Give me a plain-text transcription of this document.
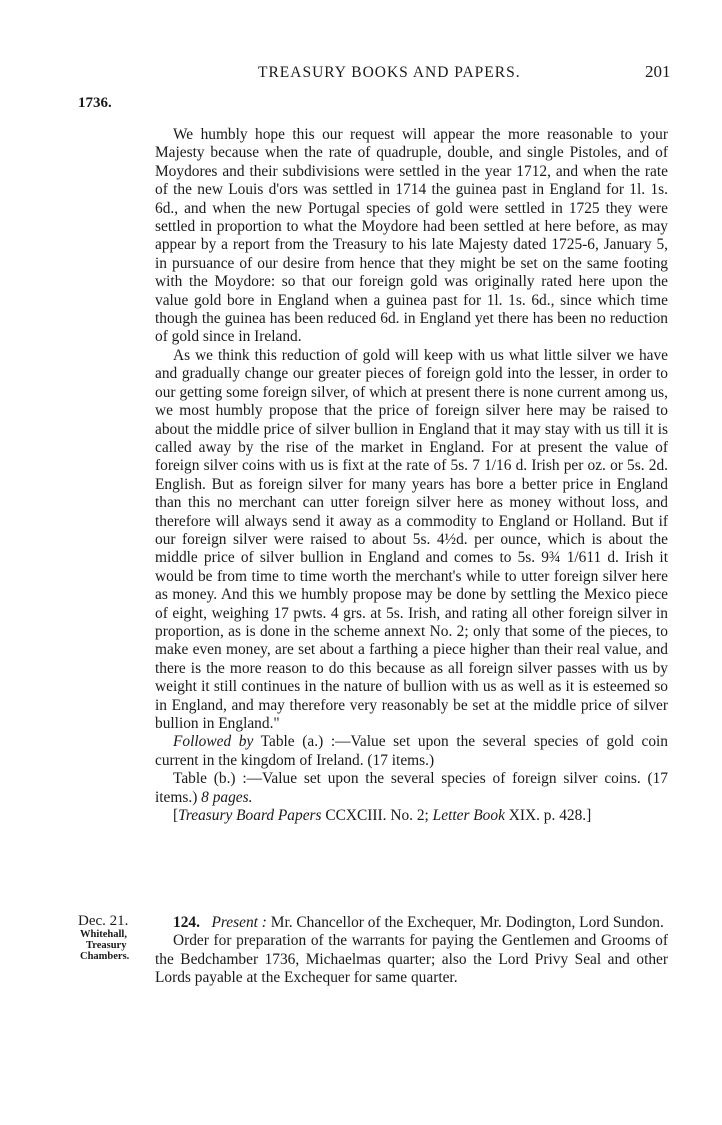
TREASURY BOOKS AND PAPERS.	201
1736.

We humbly hope this our request will appear the more reasonable to your Majesty because when the rate of quadruple, double, and single Pistoles, and of Moydores and their subdivisions were settled in the year 1712, and when the rate of the new Louis d'ors was settled in 1714 the guinea past in England for 1l. 1s. 6d., and when the new Portugal species of gold were settled in 1725 they were settled in proportion to what the Moydore had been settled at here before, as may appear by a report from the Treasury to his late Majesty dated 1725-6, January 5, in pursuance of our desire from hence that they might be set on the same footing with the Moydore: so that our foreign gold was originally rated here upon the value gold bore in England when a guinea past for 1l. 1s. 6d., since which time though the guinea has been reduced 6d. in England yet there has been no reduction of gold since in Ireland.

As we think this reduction of gold will keep with us what little silver we have and gradually change our greater pieces of foreign gold into the lesser, in order to our getting some foreign silver, of which at present there is none current among us, we most humbly propose that the price of foreign silver here may be raised to about the middle price of silver bullion in England that it may stay with us till it is called away by the rise of the market in England. For at present the value of foreign silver coins with us is fixt at the rate of 5s. 7 1/16 d. Irish per oz. or 5s. 2d. English. But as foreign silver for many years has bore a better price in England than this no merchant can utter foreign silver here as money without loss, and therefore will always send it away as a commodity to England or Holland. But if our foreign silver were raised to about 5s. 4½d. per ounce, which is about the middle price of silver bullion in England and comes to 5s. 9¾ 1/611 d. Irish it would be from time to time worth the merchant's while to utter foreign silver here as money. And this we humbly propose may be done by settling the Mexico piece of eight, weighing 17 pwts. 4 grs. at 5s. Irish, and rating all other foreign silver in proportion, as is done in the scheme annext No. 2; only that some of the pieces, to make even money, are set about a farthing a piece higher than their real value, and there is the more reason to do this because as all foreign silver passes with us by weight it still continues in the nature of bullion with us as well as it is esteemed so in England, and may therefore very reasonably be set at the middle price of silver bullion in England."

Followed by Table (a.) :—Value set upon the several species of gold coin current in the kingdom of Ireland. (17 items.)

Table (b.) :—Value set upon the several species of foreign silver coins. (17 items.) 8 pages.

[Treasury Board Papers CCXCIII. No. 2; Letter Book XIX. p. 428.]

Dec. 21.
Whitehall,
Treasury
Chambers.

124. Present : Mr. Chancellor of the Exchequer, Mr. Dodington, Lord Sundon.

Order for preparation of the warrants for paying the Gentlemen and Grooms of the Bedchamber 1736, Michaelmas quarter; also the Lord Privy Seal and other Lords payable at the Exchequer for same quarter.
